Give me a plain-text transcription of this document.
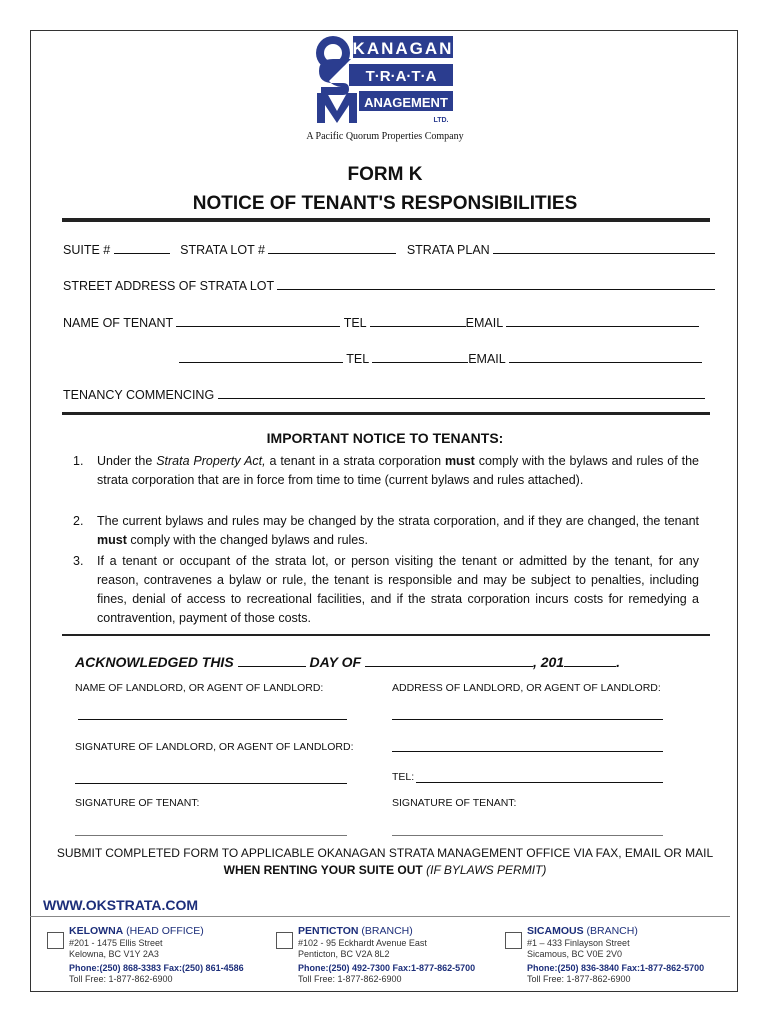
KANAGAN
T·R·A·T·A
ANAGEMENT
LTD.
A Pacific Quorum Properties Company
FORM K
NOTICE OF TENANT'S RESPONSIBILITIES
SUITE #	STRATA LOT #	STRATA PLAN
STREET ADDRESS OF STRATA LOT
NAME OF TENANT	TEL	EMAIL
TEL	EMAIL
TENANCY COMMENCING
IMPORTANT NOTICE TO TENANTS:
1. Under the Strata Property Act, a tenant in a strata corporation must comply with the bylaws and rules of the strata corporation that are in force from time to time (current bylaws and rules attached).
2. The current bylaws and rules may be changed by the strata corporation, and if they are changed, the tenant must comply with the changed bylaws and rules.
3. If a tenant or occupant of the strata lot, or person visiting the tenant or admitted by the tenant, for any reason, contravenes a bylaw or rule, the tenant is responsible and may be subject to penalties, including fines, denial of access to recreational facilities, and if the strata corporation incurs costs for remedying a contravention, payment of those costs.
ACKNOWLEDGED THIS	DAY OF	, 201	.
NAME OF LANDLORD, OR AGENT OF LANDLORD:	ADDRESS OF LANDLORD, OR AGENT OF LANDLORD:
SIGNATURE OF LANDLORD, OR AGENT OF LANDLORD:
TEL:
SIGNATURE OF TENANT:	SIGNATURE OF TENANT:
SUBMIT COMPLETED FORM TO APPLICABLE OKANAGAN STRATA MANAGEMENT OFFICE VIA FAX, EMAIL OR MAIL
WHEN RENTING YOUR SUITE OUT (IF BYLAWS PERMIT)
WWW.OKSTRATA.COM
KELOWNA (HEAD OFFICE)
#201 - 1475 Ellis Street
Kelowna, BC V1Y 2A3
Phone:(250) 868-3383 Fax:(250) 861-4586
Toll Free: 1-877-862-6900
PENTICTON (BRANCH)
#102 - 95 Eckhardt Avenue East
Penticton, BC V2A 8L2
Phone:(250) 492-7300 Fax:1-877-862-5700
Toll Free: 1-877-862-6900
SICAMOUS (BRANCH)
#1 – 433 Finlayson Street
Sicamous, BC V0E 2V0
Phone:(250) 836-3840 Fax:1-877-862-5700
Toll Free: 1-877-862-6900
